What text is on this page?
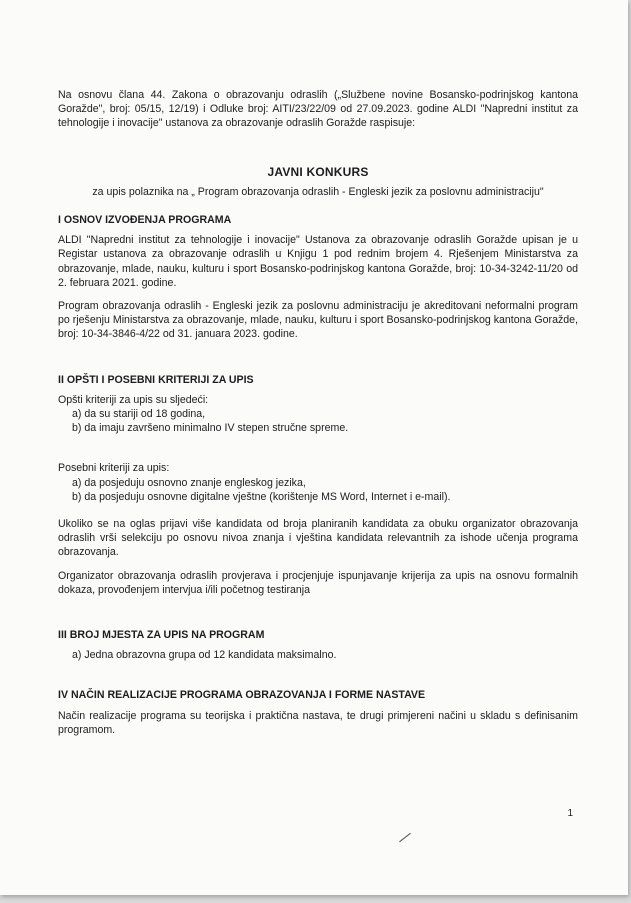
Na osnovu člana 44. Zakona o obrazovanju odraslih („Službene novine Bosansko-podrinjskog kantona Goražde", broj: 05/15, 12/19) i Odluke broj: AITI/23/22/09 od 27.09.2023. godine ALDI "Napredni institut za tehnologije i inovacije" ustanova za obrazovanje odraslih Goražde raspisuje:

JAVNI KONKURS
za upis polaznika na „ Program obrazovanja odraslih - Engleski jezik za poslovnu administraciju"
I OSNOV IZVOĐENJA PROGRAMA

ALDI "Napredni institut za tehnologije i inovacije" Ustanova za obrazovanje odraslih Goražde upisan je u Registar ustanova za obrazovanje odraslih u Knjigu 1 pod rednim brojem 4. Rješenjem Ministarstva za obrazovanje, mlade, nauku, kulturu i sport Bosansko-podrinjskog kantona Goražde, broj: 10-34-3242-11/20 od 2. februara 2021. godine.

Program obrazovanja odraslih - Engleski jezik za poslovnu administraciju je akreditovani neformalni program po rješenju Ministarstva za obrazovanje, mlade, nauku, kulturu i sport Bosansko-podrinjskog kantona Goražde, broj: 10-34-3846-4/22 od 31. januara 2023. godine.

II OPŠTI I POSEBNI KRITERIJI ZA UPIS

Opšti kriteriji za upis su sljedeći:

a) da su stariji od 18 godina,
b) da imaju završeno minimalno IV stepen stručne spreme.

Posebni kriteriji za upis:

a) da posjeduju osnovno znanje engleskog jezika,
b) da posjeduju osnovne digitalne vještne (korištenje MS Word, Internet i e-mail).

Ukoliko se na oglas prijavi više kandidata od broja planiranih kandidata za obuku organizator obrazovanja odraslih vrši selekciju po osnovu nivoa znanja i vještina kandidata relevantnih za ishode učenja programa obrazovanja.

Organizator obrazovanja odraslih provjerava i procjenjuje ispunjavanje krijerija za upis na osnovu formalnih dokaza, provođenjem intervjua i/ili početnog testiranja

III BROJ MJESTA ZA UPIS NA PROGRAM
a) Jedna obrazovna grupa od 12 kandidata maksimalno.
IV NAČIN REALIZACIJE PROGRAMA OBRAZOVANJA I FORME NASTAVE

Način realizacije programa su teorijska i praktična nastava, te drugi primjereni načini u skladu s definisanim programom.

1
